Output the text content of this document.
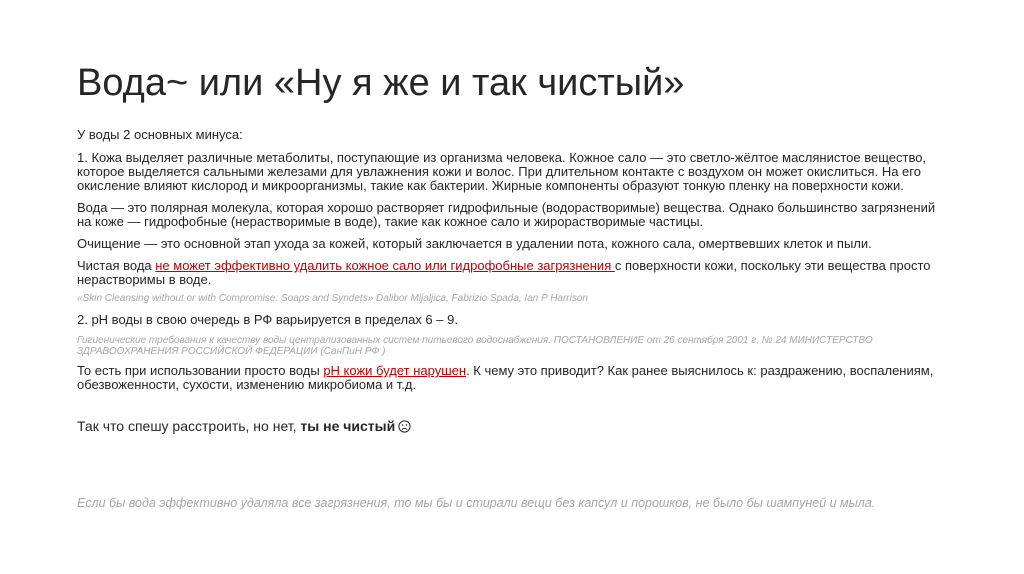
Вода~ или «Ну я же и так чистый»

У воды 2 основных минуса:

1. Кожа выделяет различные метаболиты, поступающие из организма человека. Кожное сало — это светло-жёлтое маслянистое вещество, которое выделяется сальными железами для увлажнения кожи и волос. При длительном контакте с воздухом он может окислиться. На его окисление влияют кислород и микроорганизмы, такие как бактерии. Жирные компоненты образуют тонкую пленку на поверхности кожи.

Вода — это полярная молекула, которая хорошо растворяет гидрофильные (водорастворимые) вещества. Однако большинство загрязнений на коже — гидрофобные (нерастворимые в воде), такие как кожное сало и жирорастворимые частицы.

Очищение — это основной этап ухода за кожей, который заключается в удалении пота, кожного сала, омертвевших клеток и пыли.

Чистая вода не может эффективно удалить кожное сало или гидрофобные загрязнения с поверхности кожи, поскольку эти вещества просто нерастворимы в воде.

«Skin Cleansing without or with Compromise: Soaps and Syndets» Dalibor Mijaljica, Fabrizio Spada, Ian P Harrison

2. pH воды в свою очередь в РФ варьируется в пределах 6 – 9.

Гигиенические требования к качеству воды централизованных систем питьевого водоснабжения. ПОСТАНОВЛЕНИЕ от 26 сентября 2001 г. № 24 МИНИСТЕРСТВО ЗДРАВООХРАНЕНИЯ РОССИЙСКОЙ ФЕДЕРАЦИИ (СанПиН РФ )

То есть при использовании просто воды pH кожи будет нарушен. К чему это приводит? Как ранее выяснилось к: раздражению, воспалениям, обезвоженности, сухости, изменению микробиома и т.д.

Так что спешу расстроить, но нет, ты не чистый

Если бы вода эффективно удаляла все загрязнения, то мы бы и стирали вещи без капсул и порошков, не было бы шампуней и мыла.
